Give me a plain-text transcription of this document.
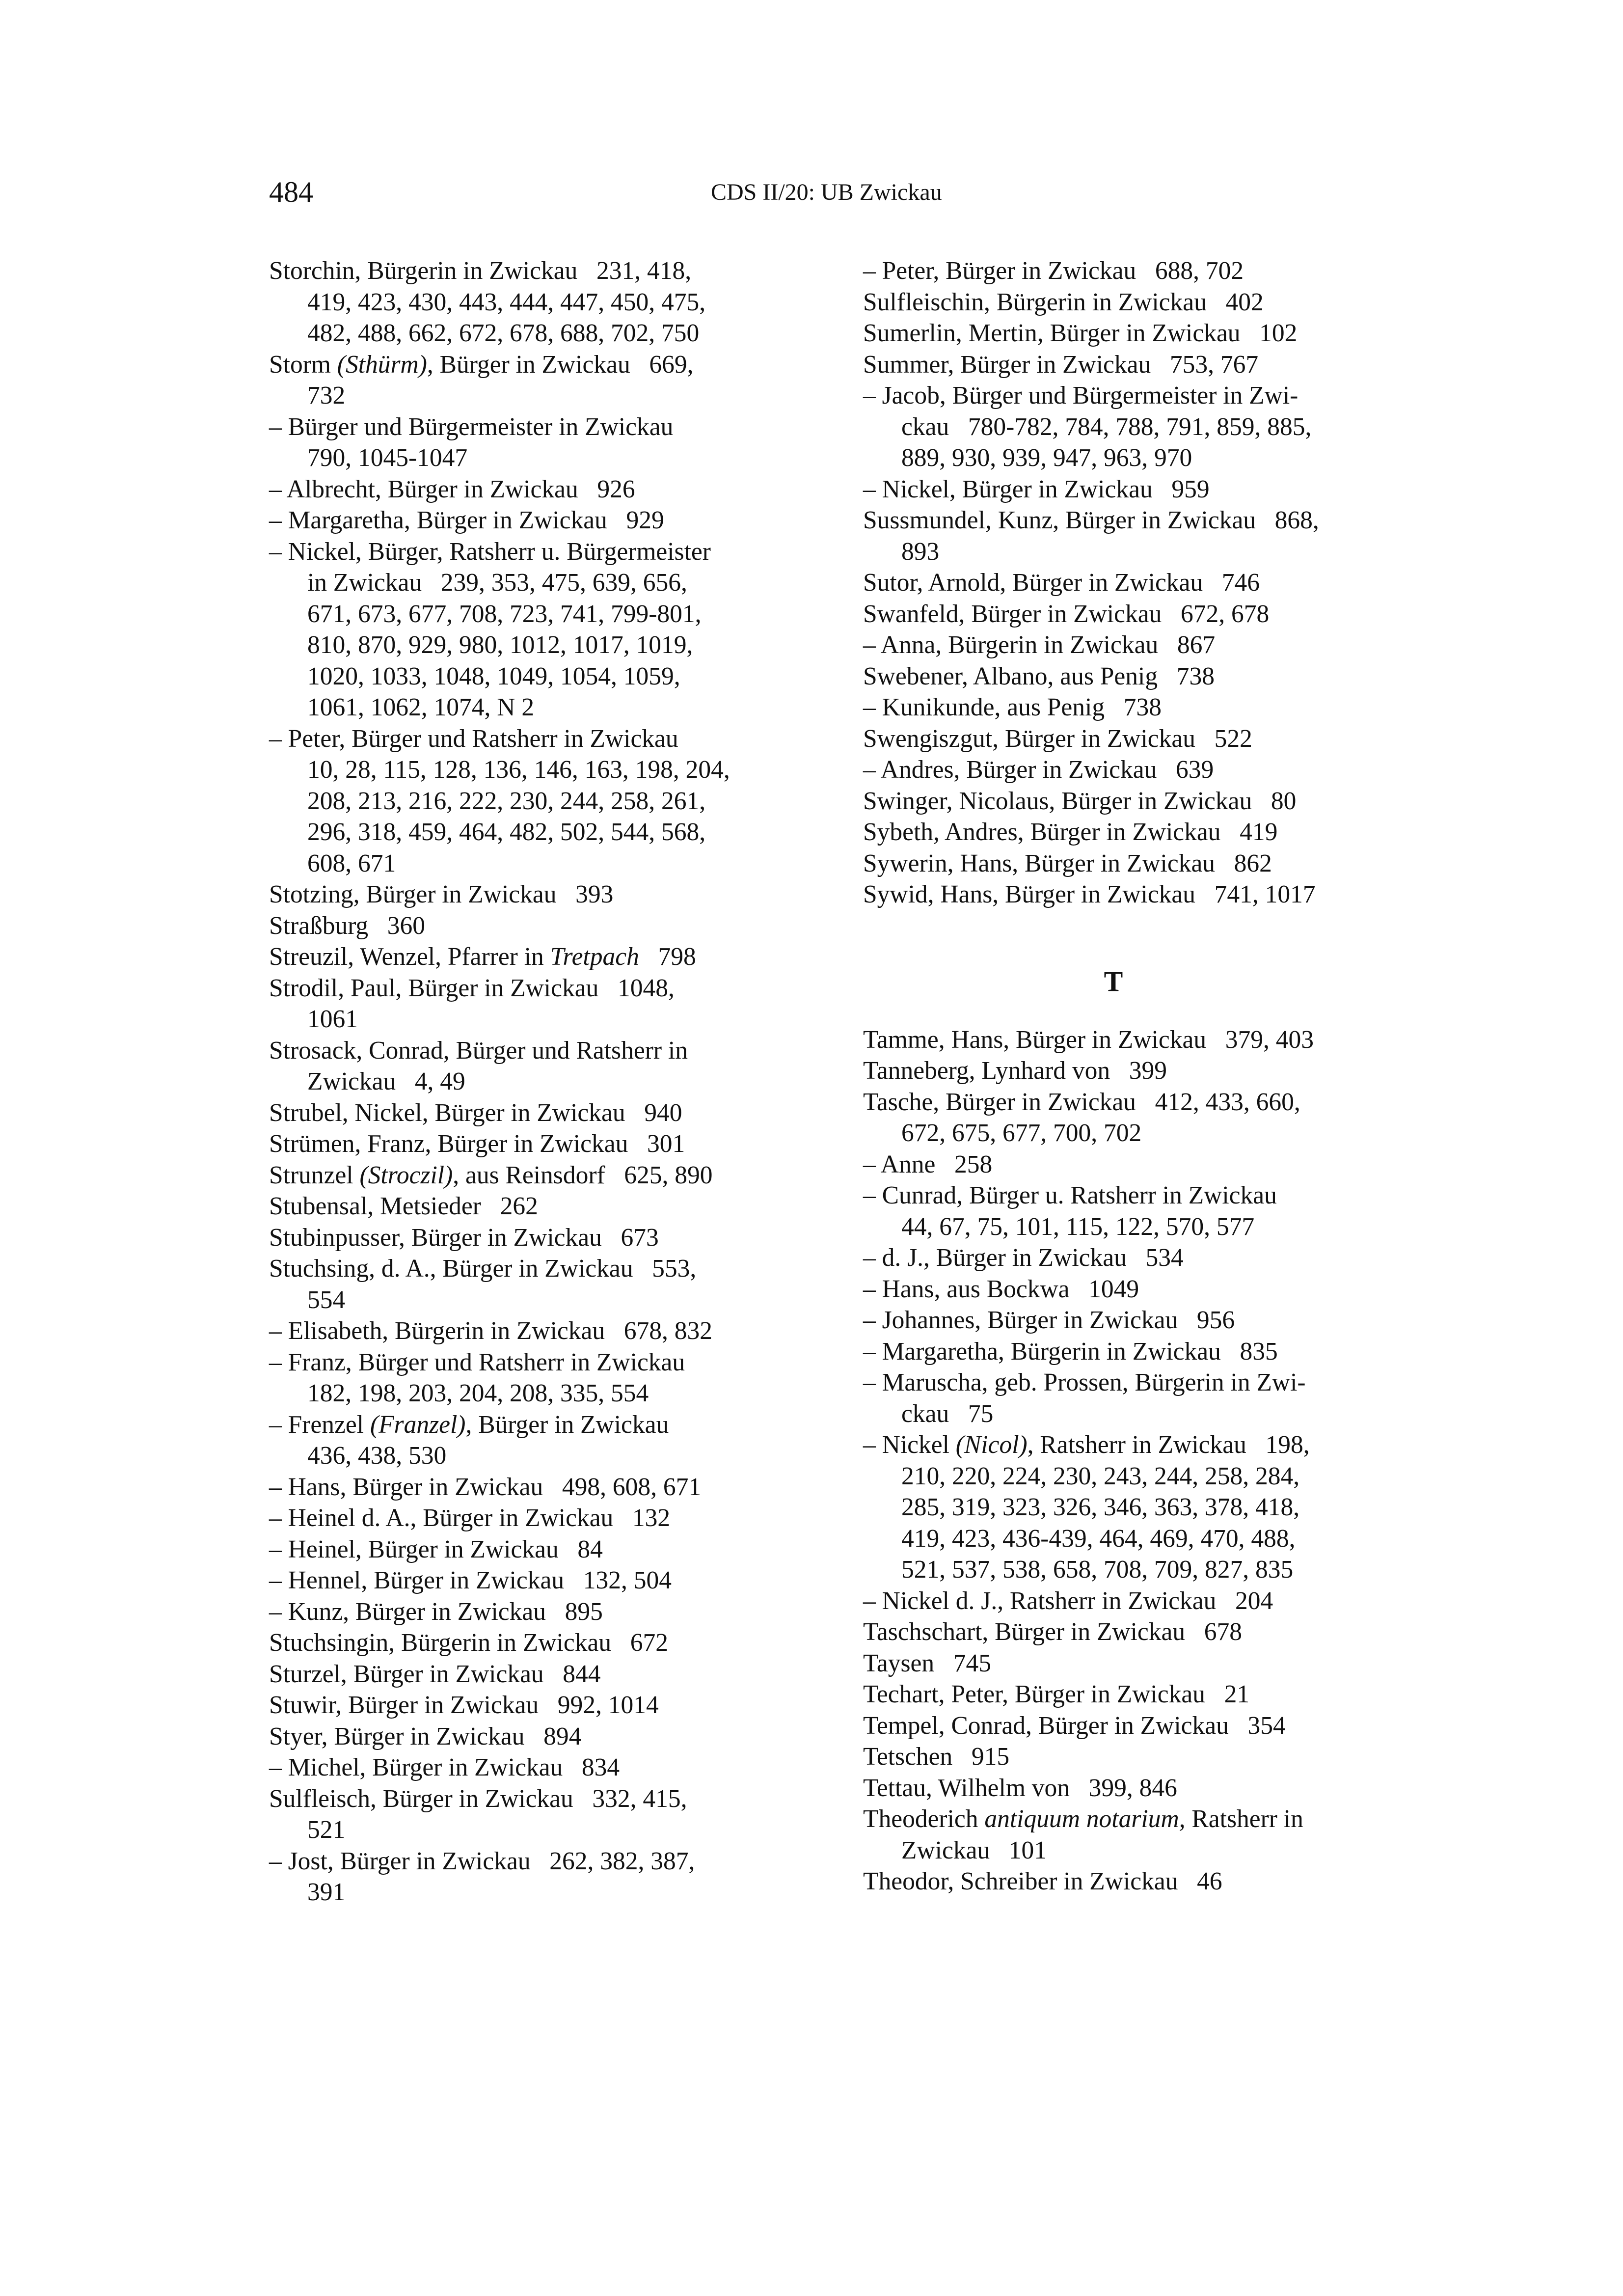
484	CDS II/20: UB Zwickau
Storchin, Bürgerin in Zwickau   231, 418,
419, 423, 430, 443, 444, 447, 450, 475,
482, 488, 662, 672, 678, 688, 702, 750
Storm (Sthürm), Bürger in Zwickau   669,
732
– Bürger und Bürgermeister in Zwickau
790, 1045-1047
– Albrecht, Bürger in Zwickau   926
– Margaretha, Bürger in Zwickau   929
– Nickel, Bürger, Ratsherr u. Bürgermeister
in Zwickau   239, 353, 475, 639, 656,
671, 673, 677, 708, 723, 741, 799-801,
810, 870, 929, 980, 1012, 1017, 1019,
1020, 1033, 1048, 1049, 1054, 1059,
1061, 1062, 1074, N 2
– Peter, Bürger und Ratsherr in Zwickau
10, 28, 115, 128, 136, 146, 163, 198, 204,
208, 213, 216, 222, 230, 244, 258, 261,
296, 318, 459, 464, 482, 502, 544, 568,
608, 671
Stotzing, Bürger in Zwickau   393
Straßburg   360
Streuzil, Wenzel, Pfarrer in Tretpach   798
Strodil, Paul, Bürger in Zwickau   1048,
1061
Strosack, Conrad, Bürger und Ratsherr in
Zwickau   4, 49
Strubel, Nickel, Bürger in Zwickau   940
Strümen, Franz, Bürger in Zwickau   301
Strunzel (Stroczil), aus Reinsdorf   625, 890
Stubensal, Metsieder   262
Stubinpusser, Bürger in Zwickau   673
Stuchsing, d. A., Bürger in Zwickau   553,
554
– Elisabeth, Bürgerin in Zwickau   678, 832
– Franz, Bürger und Ratsherr in Zwickau
182, 198, 203, 204, 208, 335, 554
– Frenzel (Franzel), Bürger in Zwickau
436, 438, 530
– Hans, Bürger in Zwickau   498, 608, 671
– Heinel d. A., Bürger in Zwickau   132
– Heinel, Bürger in Zwickau   84
– Hennel, Bürger in Zwickau   132, 504
– Kunz, Bürger in Zwickau   895
Stuchsingin, Bürgerin in Zwickau   672
Sturzel, Bürger in Zwickau   844
Stuwir, Bürger in Zwickau   992, 1014
Styer, Bürger in Zwickau   894
– Michel, Bürger in Zwickau   834
Sulfleisch, Bürger in Zwickau   332, 415,
521
– Jost, Bürger in Zwickau   262, 382, 387,
391
– Peter, Bürger in Zwickau   688, 702
Sulfleischin, Bürgerin in Zwickau   402
Sumerlin, Mertin, Bürger in Zwickau   102
Summer, Bürger in Zwickau   753, 767
– Jacob, Bürger und Bürgermeister in Zwi-
ckau   780-782, 784, 788, 791, 859, 885,
889, 930, 939, 947, 963, 970
– Nickel, Bürger in Zwickau   959
Sussmundel, Kunz, Bürger in Zwickau   868,
893
Sutor, Arnold, Bürger in Zwickau   746
Swanfeld, Bürger in Zwickau   672, 678
– Anna, Bürgerin in Zwickau   867
Swebener, Albano, aus Penig   738
– Kunikunde, aus Penig   738
Swengiszgut, Bürger in Zwickau   522
– Andres, Bürger in Zwickau   639
Swinger, Nicolaus, Bürger in Zwickau   80
Sybeth, Andres, Bürger in Zwickau   419
Sywerin, Hans, Bürger in Zwickau   862
Sywid, Hans, Bürger in Zwickau   741, 1017
T
Tamme, Hans, Bürger in Zwickau   379, 403
Tanneberg, Lynhard von   399
Tasche, Bürger in Zwickau   412, 433, 660,
672, 675, 677, 700, 702
– Anne   258
– Cunrad, Bürger u. Ratsherr in Zwickau
44, 67, 75, 101, 115, 122, 570, 577
– d. J., Bürger in Zwickau   534
– Hans, aus Bockwa   1049
– Johannes, Bürger in Zwickau   956
– Margaretha, Bürgerin in Zwickau   835
– Maruscha, geb. Prossen, Bürgerin in Zwi-
ckau   75
– Nickel (Nicol), Ratsherr in Zwickau   198,
210, 220, 224, 230, 243, 244, 258, 284,
285, 319, 323, 326, 346, 363, 378, 418,
419, 423, 436-439, 464, 469, 470, 488,
521, 537, 538, 658, 708, 709, 827, 835
– Nickel d. J., Ratsherr in Zwickau   204
Taschschart, Bürger in Zwickau   678
Taysen   745
Techart, Peter, Bürger in Zwickau   21
Tempel, Conrad, Bürger in Zwickau   354
Tetschen   915
Tettau, Wilhelm von   399, 846
Theoderich antiquum notarium, Ratsherr in
Zwickau   101
Theodor, Schreiber in Zwickau   46
